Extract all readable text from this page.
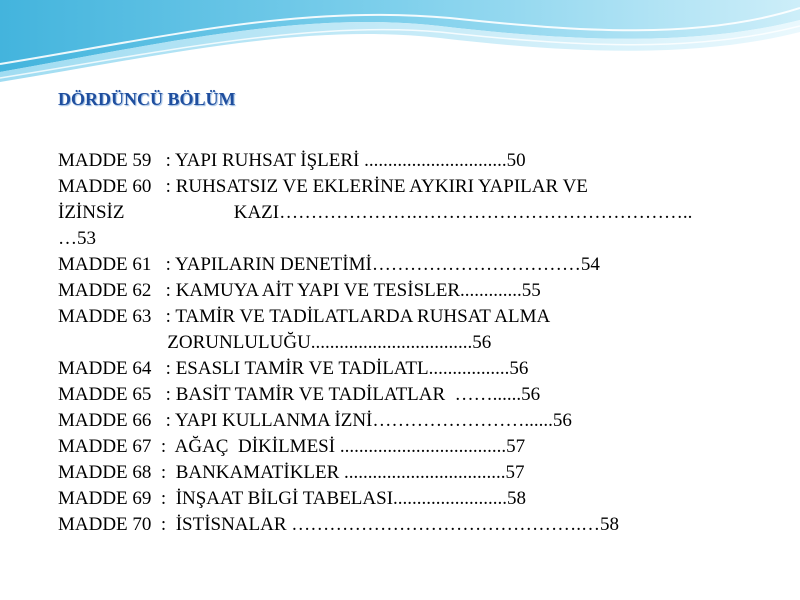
DÖRDÜNCÜ BÖLÜM

MADDE 59   : YAPI RUHSAT İŞLERİ ..............................50

MADDE 60   : RUHSATSIZ VE EKLERİNE AYKIRI YAPILAR VE

İZİNSİZ                       KAZI………………….……………………………………..

…53

MADDE 61   : YAPILARIN DENETİMİ……………………………54

MADDE 62   : KAMUYA AİT YAPI VE TESİSLER.............55

MADDE 63   : TAMİR VE TADİLATLARDA RUHSAT ALMA

ZORUNLULUĞU..................................56

MADDE 64   : ESASLI TAMİR VE TADİLATL.................56

MADDE 65   : BASİT TAMİR VE TADİLATLAR  ……......56

MADDE 66   : YAPI KULLANMA İZNİ……………………......56

MADDE 67  :  AĞAÇ  DİKİLMESİ ...................................57

MADDE 68  :  BANKAMATİKLER ..................................57

MADDE 69  :  İNŞAAT BİLGİ TABELASI........................58

MADDE 70  :  İSTİSNALAR ……………………………………….…58
